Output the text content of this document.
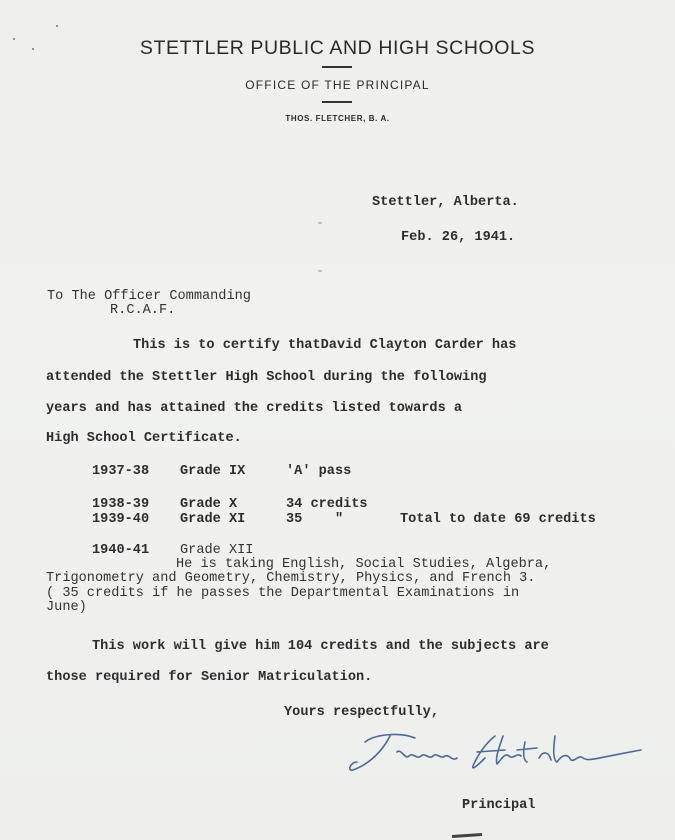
STETTLER PUBLIC AND HIGH SCHOOLS
OFFICE OF THE PRINCIPAL
THOS. FLETCHER, B. A.
Stettler, Alberta.
Feb. 26, 1941.
To The Officer Commanding
R.C.A.F.
This is to certify thatDavid Clayton Carder has
attended the Stettler High School during the following
years and has attained the credits listed towards a
High School Certificate.
1937-38 Grade IX	'A' pass
1938-39 Grade X	34 credits
1939-40 Grade XI	35    "	Total to date 69 credits
1940-41 Grade XII
He is taking English, Social Studies, Algebra,
Trigonometry and Geometry, Chemistry, Physics, and French 3.
( 35 credits if he passes the Departmental Examinations in
June)
This work will give him 104 credits and the subjects are
those required for Senior Matriculation.
Yours respectfully,
Principal
